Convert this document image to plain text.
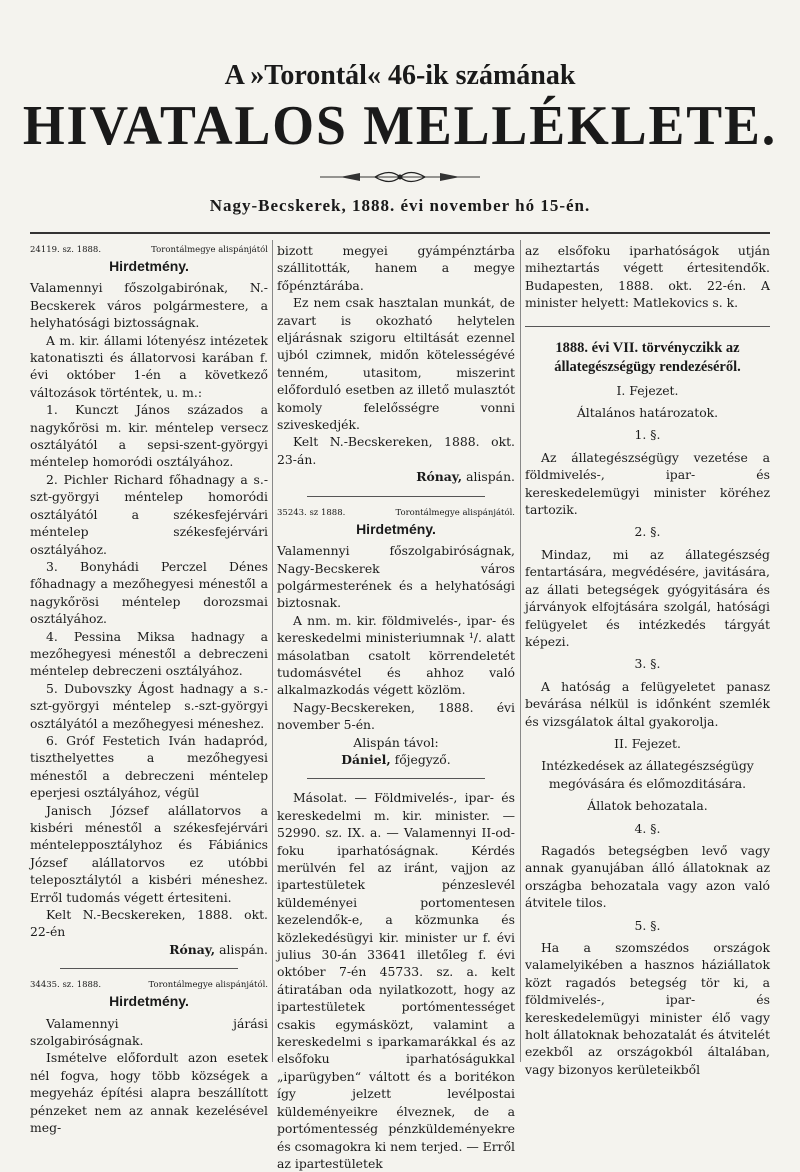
A »Torontál« 46-ik számának
HIVATALOS MELLÉKLETE.
Nagy-Becskerek, 1888. évi november hó 15-én.
24119. sz. 1888.	Torontálmegye alispánjától
Hirdetmény.

Valamennyi főszolgabirónak, N.-Becskerek város polgármestere, a helyhatósági biztosságnak.

A m. kir. állami lótenyész intézetek katonatiszti és állatorvosi karában f. évi október 1-én a következő változások történtek, u. m.:

1. Kunczt János százados a nagykőrösi m. kir. méntelep versecz osztályától a sepsi-szent-györgyi méntelep homoródi osztályához.

2. Pichler Richard főhadnagy a s.-szt-györgyi méntelep homoródi osztályától a székesfejérvári méntelep székesfejérvári osztályához.

3. Bonyhádi Perczel Dénes főhadnagy a mezőhegyesi ménestől a nagykőrösi méntelep dorozsmai osztályához.

4. Pessina Miksa hadnagy a mezőhegyesi ménestől a debreczeni méntelep debreczeni osztályához.

5. Dubovszky Ágost hadnagy a s.-szt-györgyi méntelep s.-szt-györgyi osztályától a mezőhegyesi méneshez.

6. Gróf Festetich Iván hadapród, tiszthelyettes a mezőhegyesi ménestől a debreczeni méntelep eperjesi osztályához, végül

Janisch József alállatorvos a kisbéri ménestől a székesfejérvári méntelepposztályhoz és Fábiánics József alállatorvos ez utóbbi teleposztálytól a kisbéri méneshez. Erről tudomás végett értesiteni.

Kelt N.-Becskereken, 1888. okt. 22-én

Rónay, alispán.

34435. sz. 1888.	Torontálmegye alispánjától.
Hirdetmény.

Valamennyi járási szolgabiróságnak.

Ismételve előfordult azon esetek nél fogva, hogy több községek a megyeház építési alapra beszállított pénzeket nem az annak kezelésével meg-

bizott megyei gyámpénztárba szállitották, hanem a megye főpénztárába.

Ez nem csak hasztalan munkát, de zavart is okozható helytelen eljárásnak szigoru eltiltását ezennel ujból czimnek, midőn kötelességévé tenném, utasitom, miszerint előforduló esetben az illető mulasztót komoly felelősségre vonni sziveskedjék.

Kelt N.-Becskereken, 1888. okt. 23-án.

Rónay, alispán.

35243. sz 1888.	Torontálmegye alispánjától.
Hirdetmény.

Valamennyi főszolgabiróságnak, Nagy-Becskerek város polgármesterének és a helyhatósági biztosnak.

A nm. m. kir. földmivelés-, ipar- és kereskedelmi ministeriumnak ¹/. alatt másolatban csatolt körrendeletét tudomásvétel és ahhoz való alkalmazkodás végett közlöm.

Nagy-Becskereken, 1888. évi november 5-én.

Alispán távol:

Dániel, főjegyző.

Másolat. — Földmivelés-, ipar- és kereskedelmi m. kir. minister. — 52990. sz. IX. a. — Valamennyi II-od-foku iparhatóságnak. Kérdés merülvén fel az iránt, vajjon az ipartestületek pénzeslevél küldeményei portomentesen kezelendők-e, a közmunka és közlekedésügyi kir. minister ur f. évi julius 30-án 33641 illetőleg f. évi október 7-én 45733. sz. a. kelt átiratában oda nyilatkozott, hogy az ipartestületek portómentességet csakis egymásközt, valamint a kereskedelmi s iparkamarákkal és az elsőfoku iparhatóságukkal „iparügyben“ váltott és a boritékon így jelzett levélpostai küldeményeikre élveznek, de a portómentesség pénzküldeményekre és csomagokra ki nem terjed. — Erről az ipartestületek

az elsőfoku iparhatóságok utján miheztartás végett értesitendők. Budapesten, 1888. okt. 22-én. A minister helyett: Matlekovics s. k.

1888. évi VII. törvényczikk az állategészségügy rendezéséről.

I. Fejezet.

Általános határozatok.

1. §.

Az állategészségügy vezetése a földmivelés-, ipar- és kereskedelemügyi minister köréhez tartozik.

2. §.

Mindaz, mi az állategészség fentartására, megvédésére, javitására, az állati betegségek gyógyitására és járványok elfojtására szolgál, hatósági felügyelet és intézkedés tárgyát képezi.

3. §.

A hatóság a felügyeletet panasz bevárása nélkül is időnként szemlék és vizsgálatok által gyakorolja.

II. Fejezet.

Intézkedések az állategészségügy megóvására és előmozditására.

Állatok behozatala.

4. §.

Ragadós betegségben levő vagy annak gyanujában álló állatoknak az országba behozatala vagy azon való átvitele tilos.

5. §.

Ha a szomszédos országok valamelyikében a hasznos háziállatok közt ragadós betegség tör ki, a földmivelés-, ipar- és kereskedelemügyi minister élő vagy holt állatoknak behozatalát és átvitelét ezekből az országokból általában, vagy bizonyos kerületeikből
